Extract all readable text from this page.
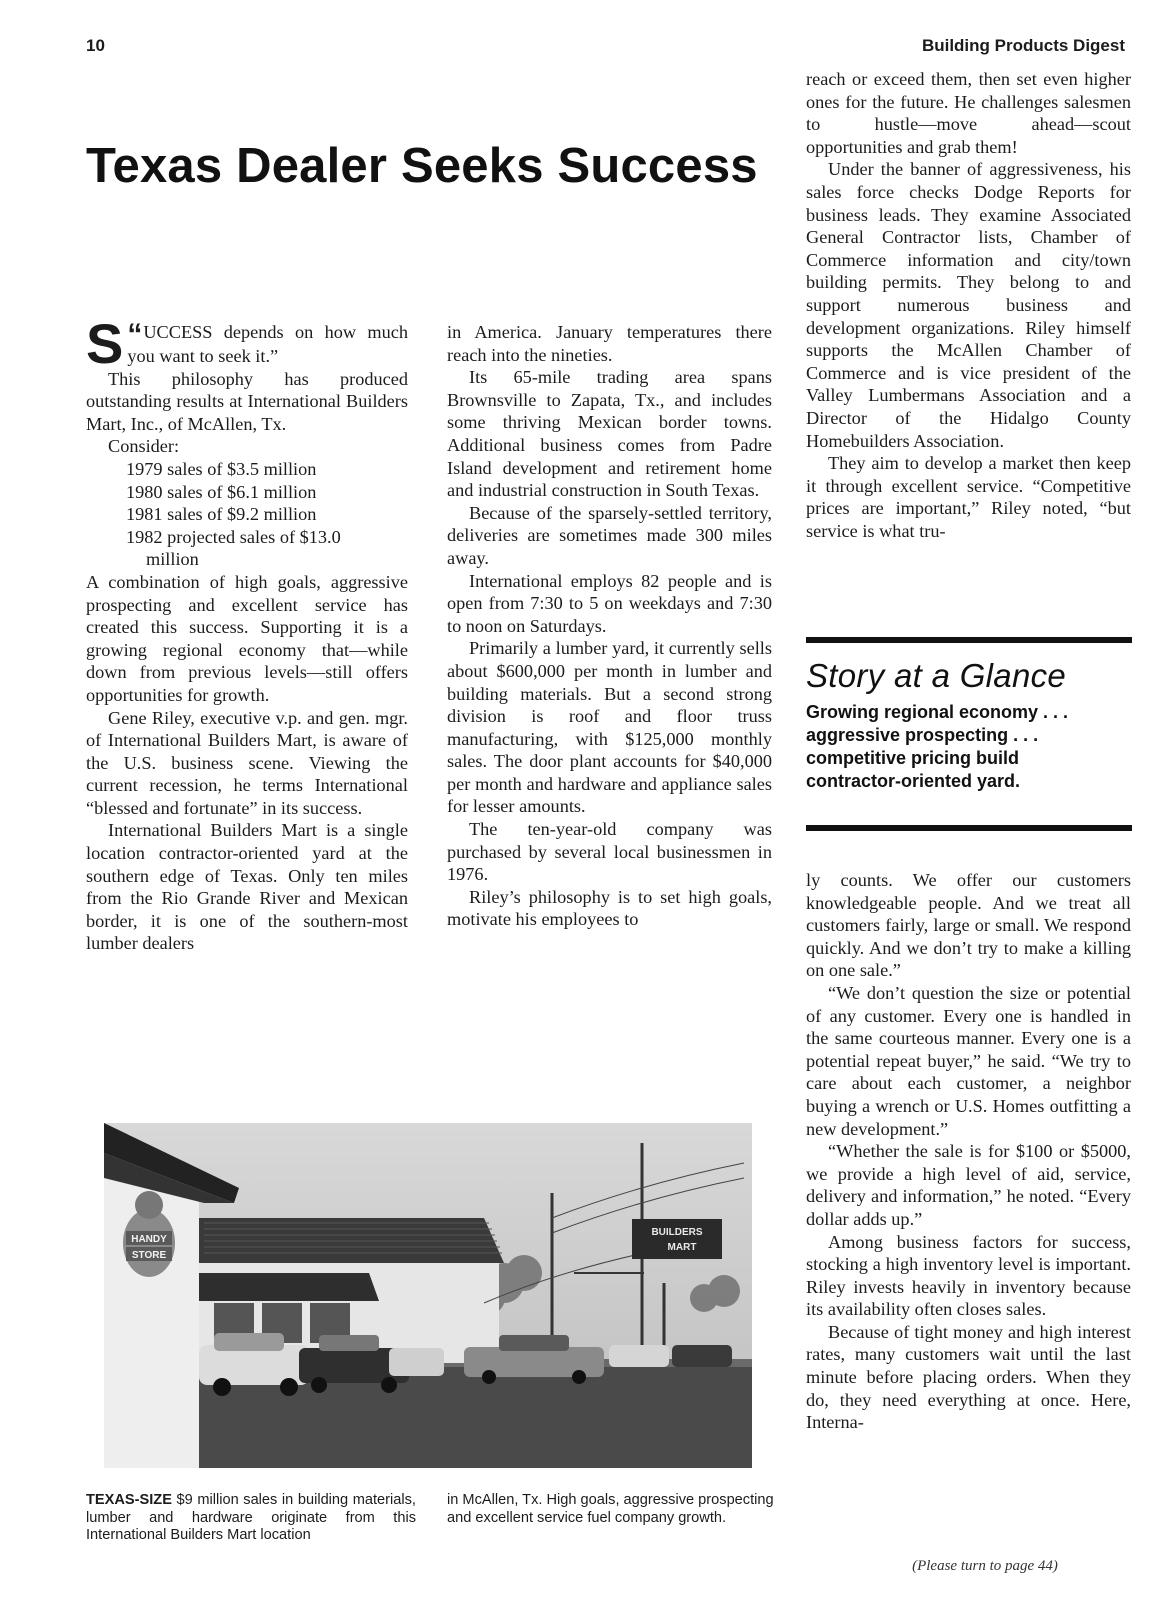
10	Building Products Digest
Texas Dealer Seeks Success

“
S UCCESS depends on how much you want to seek it.”

This philosophy has produced outstanding results at International Builders Mart, Inc., of McAllen, Tx.

Consider:

1979 sales of $3.5 million

1980 sales of $6.1 million

1981 sales of $9.2 million

1982 projected sales of $13.0

million

A combination of high goals, aggressive prospecting and excellent service has created this success. Supporting it is a growing regional economy that—while down from previous levels—still offers opportunities for growth.

Gene Riley, executive v.p. and gen. mgr. of International Builders Mart, is aware of the U.S. business scene. Viewing the current recession, he terms International “blessed and fortunate” in its success.

International Builders Mart is a single location contractor-oriented yard at the southern edge of Texas. Only ten miles from the Rio Grande River and Mexican border, it is one of the southern-most lumber dealers

in America. January temperatures there reach into the nineties.

Its 65-mile trading area spans Brownsville to Zapata, Tx., and includes some thriving Mexican border towns. Additional business comes from Padre Island development and retirement home and industrial construction in South Texas.

Because of the sparsely-settled territory, deliveries are sometimes made 300 miles away.

International employs 82 people and is open from 7:30 to 5 on weekdays and 7:30 to noon on Saturdays.

Primarily a lumber yard, it currently sells about $600,000 per month in lumber and building materials. But a second strong division is roof and floor truss manufacturing, with $125,000 monthly sales. The door plant accounts for $40,000 per month and hardware and appliance sales for lesser amounts.

The ten-year-old company was purchased by several local businessmen in 1976.

Riley’s philosophy is to set high goals, motivate his employees to

reach or exceed them, then set even higher ones for the future. He challenges salesmen to hustle—move ahead—scout opportunities and grab them!

Under the banner of aggressiveness, his sales force checks Dodge Reports for business leads. They examine Associated General Contractor lists, Chamber of Commerce information and city/town building permits. They belong to and support numerous business and development organizations. Riley himself supports the McAllen Chamber of Commerce and is vice president of the Valley Lumbermans Association and a Director of the Hidalgo County Homebuilders Association.

They aim to develop a market then keep it through excellent service. “Competitive prices are important,” Riley noted, “but service is what tru-

Story at a Glance

Growing regional economy . . . aggressive prospecting . . . competitive pricing build contractor-oriented yard.

ly counts. We offer our customers knowledgeable people. And we treat all customers fairly, large or small. We respond quickly. And we don’t try to make a killing on one sale.”

“We don’t question the size or potential of any customer. Every one is handled in the same courteous manner. Every one is a potential repeat buyer,” he said. “We try to care about each customer, a neighbor buying a wrench or U.S. Homes outfitting a new development.”

“Whether the sale is for $100 or $5000, we provide a high level of aid, service, delivery and information,” he noted. “Every dollar adds up.”

Among business factors for success, stocking a high inventory level is important. Riley invests heavily in inventory because its availability often closes sales.

Because of tight money and high interest rates, many customers wait until the last minute before placing orders. When they do, they need everything at once. Here, Interna-

HANDY
STORE
BUILDERS
MART
TEXAS-SIZE $9 million sales in building materials, lumber and hardware originate from this International Builders Mart location
in McAllen, Tx. High goals, aggressive prospecting and excellent service fuel company growth.
(Please turn to page 44)
